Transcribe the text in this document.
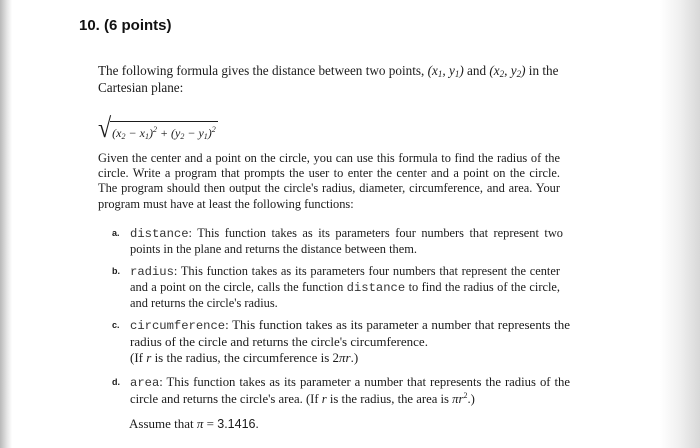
10. (6 points)
The following formula gives the distance between two points, ($x_1$, $y_1$) and ($x_2$, $y_2$) in the Cartesian plane:
√ $(x_2 - x_1)^2 + (y_2 - y_1)^2$
Given the center and a point on the circle, you can use this formula to find the radius of the circle. Write a program that prompts the user to enter the center and a point on the circle. The program should then output the circle's radius, diameter, circumference, and area. Your program must have at least the following functions:
a. distance: This function takes as its parameters four numbers that represent two points in the plane and returns the distance between them.
b. radius: This function takes as its parameters four numbers that represent the center and a point on the circle, calls the function distance to find the radius of the circle, and returns the circle's radius.
c. circumference: This function takes as its parameter a number that represents the radius of the circle and returns the circle's circumference.
(If r is the radius, the circumference is 2πr.)
d. area: This function takes as its parameter a number that represents the radius of the circle and returns the circle's area. (If r is the radius, the area is $\pi r^2$.)
Assume that π = 3.1416.
